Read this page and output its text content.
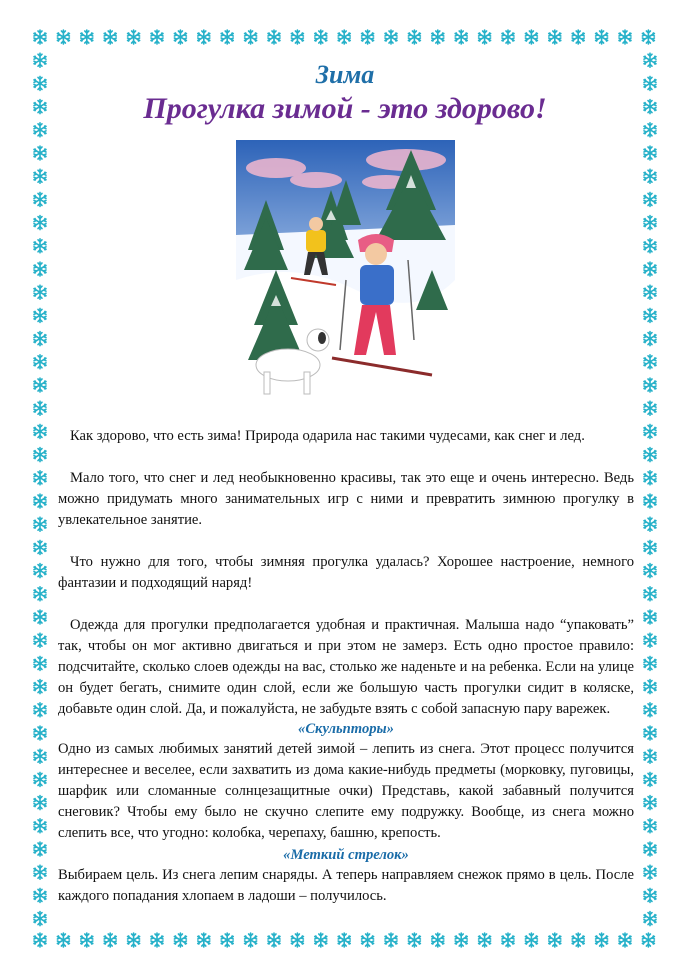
Зима
Прогулка зимой - это здорово!

Как здорово, что есть зима! Природа одарила нас такими чудесами, как снег и лед.

Мало того, что снег и лед необыкновенно красивы, так это еще и очень интересно. Ведь можно придумать много занимательных игр с ними и превратить зимнюю прогулку в увлекательное занятие.

Что нужно для того, чтобы зимняя прогулка удалась? Хорошее настроение, немного фантазии и подходящий наряд!

Одежда для прогулки предполагается удобная и практичная. Малыша надо “упаковать” так, чтобы он мог активно двигаться и при этом не замерз. Есть одно простое правило: подсчитайте, сколько слоев одежды на вас, столько же наденьте и на ребенка. Если на улице он будет бегать, снимите один слой, если же большую часть прогулки сидит в коляске, добавьте один слой. Да, и пожалуйста, не забудьте взять с собой запасную пару варежек.

«Скульпторы»

Одно из самых любимых занятий детей зимой – лепить из снега. Этот процесс получится интереснее и веселее, если захватить из дома какие-нибудь предметы (морковку, пуговицы, шарфик или сломанные солнцезащитные очки) Представь, какой забавный получится снеговик? Чтобы ему было не скучно слепите ему подружку. Вообще, из снега можно слепить все, что угодно: колобка, черепаху, башню, крепость.

«Меткий стрелок»

Выбираем цель. Из снега лепим снаряды. А теперь направляем снежок прямо в цель. После каждого попадания хлопаем в ладоши – получилось.
